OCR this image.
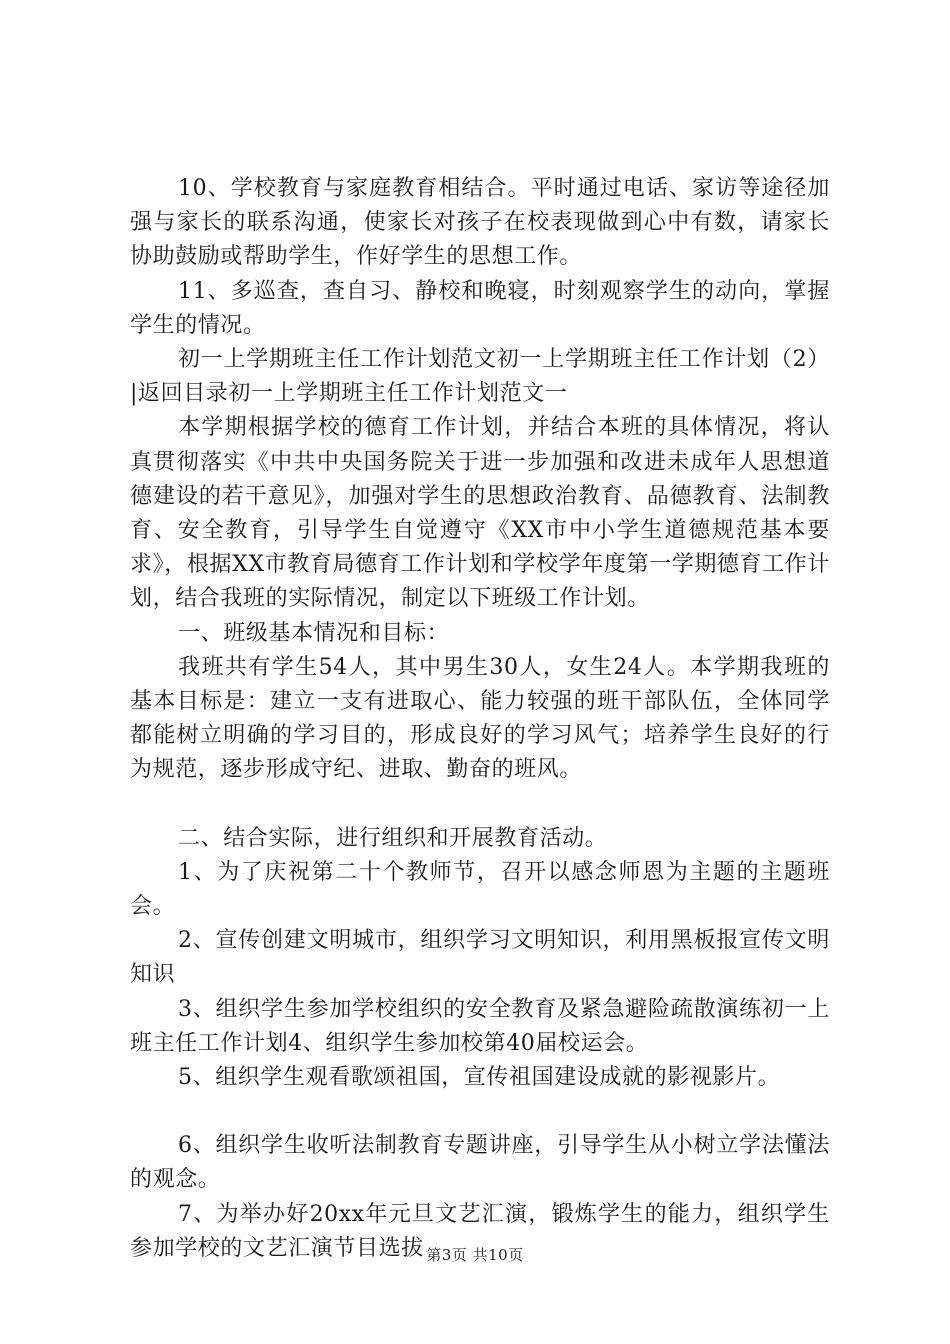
10、学校教育与家庭教育相结合。平时通过电话、家访等途径加强与家长的联系沟通，使家长对孩子在校表现做到心中有数，请家长协助鼓励或帮助学生，作好学生的思想工作。

11、多巡查，查自习、静校和晚寝，时刻观察学生的动向，掌握学生的情况。

初一上学期班主任工作计划范文初一上学期班主任工作计划（2）|返回目录初一上学期班主任工作计划范文一

本学期根据学校的德育工作计划，并结合本班的具体情况，将认真贯彻落实《中共中央国务院关于进一步加强和改进未成年人思想道德建设的若干意见》，加强对学生的思想政治教育、品德教育、法制教育、安全教育，引导学生自觉遵守《XX市中小学生道德规范基本要求》，根据XX市教育局德育工作计划和学校学年度第一学期德育工作计划，结合我班的实际情况，制定以下班级工作计划。

一、班级基本情况和目标：

我班共有学生54人，其中男生30人，女生24人。本学期我班的基本目标是：建立一支有进取心、能力较强的班干部队伍，全体同学都能树立明确的学习目的，形成良好的学习风气；培养学生良好的行为规范，逐步形成守纪、进取、勤奋的班风。

二、结合实际，进行组织和开展教育活动。

1、为了庆祝第二十个教师节，召开以感念师恩为主题的主题班会。

2、宣传创建文明城市，组织学习文明知识，利用黑板报宣传文明知识

3、组织学生参加学校组织的安全教育及紧急避险疏散演练初一上班主任工作计划4、组织学生参加校第40届校运会。

5、组织学生观看歌颂祖国，宣传祖国建设成就的影视影片。

6、组织学生收听法制教育专题讲座，引导学生从小树立学法懂法的观念。

7、为举办好20xx年元旦文艺汇演，锻炼学生的能力，组织学生参加学校的文艺汇演节目选拔 第3页 共10页
